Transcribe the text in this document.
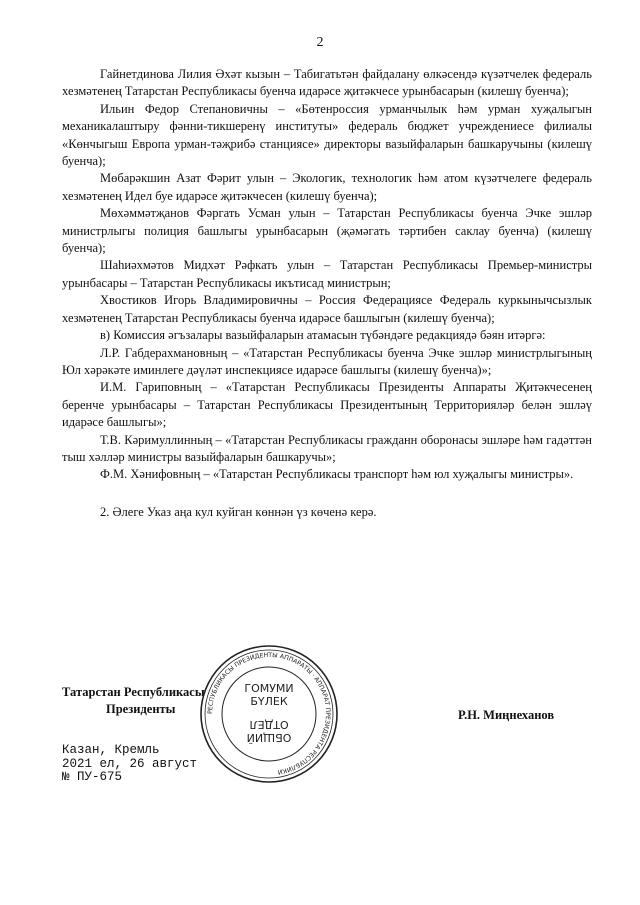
2

Гайнетдинова Лилия Әхәт кызын – Табигатьтән файдалану өлкәсендә күзәтчелек федераль хезмәтенең Татарстан Республикасы буенча идарәсе җитәкчесе урынбасарын (килешү буенча);

Ильин Федор Степановичны – «Бөтенроссия урманчылык һәм урман хуҗалыгын механикалаштыру фәнни-тикшеренү институты» федераль бюджет учреждениесе филиалы «Көнчыгыш Европа урман-тәҗрибә станциясе» директоры вазыйфаларын башкаручыны (килешү буенча);

Мөбарәкшин Азат Фәрит улын – Экологик, технологик һәм атом күзәтчелеге федераль хезмәтенең Идел буе идарәсе җитәкчесен (килешү буенча);

Мөхәммәтҗанов Фәргать Усман улын – Татарстан Республикасы буенча Эчке эшләр министрлыгы полиция башлыгы урынбасарын (җәмәгать тәртибен саклау буенча) (килешү буенча);

Шаһиәхмәтов Мидхәт Рәфкать улын – Татарстан Республикасы Премьер-министры урынбасары – Татарстан Республикасы икътисад министрын;

Хвостиков Игорь Владимировичны – Россия Федерациясе Федераль куркынычсызлык хезмәтенең Татарстан Республикасы буенча идарәсе башлыгын (килешү буенча);

в) Комиссия әгъзалары вазыйфаларын атамасын түбәндәге редакциядә бәян итәргә:

Л.Р. Габдерахмановның – «Татарстан Республикасы буенча Эчке эшләр министрлыгының Юл хәрәкәте иминлеге дәүләт инспекциясе идарәсе башлыгы (килешү буенча)»;

И.М. Гариповның – «Татарстан Республикасы Президенты Аппараты Җитәкчесенең беренче урынбасары – Татарстан Республикасы Президентының Территорияләр белән эшләү идарәсе башлыгы»;

Т.В. Кәримуллинның – «Татарстан Республикасы гражданн оборонасы эшләре һәм гадәттән тыш хәлләр министры вазыйфаларын башкаручы»;

Ф.М. Хәнифовның – «Татарстан Республикасы транспорт һәм юл хуҗалыгы министры».

2. Әлеге Указ аңа кул куйган көннән үз көченә керә.

Татарстан Республикасы
Президенты	РЕСПУБЛИКАСЫ ПРЕЗИДЕНТЫ АППАРАТЫ · АППАРАТ ПРЕЗИДЕНТА РЕСПУБЛИКИ
ГОМУМИ
БҮЛЕК
ОТДЕЛ
ОБЩИЙ
Р.Н. Миңнеханов
Казан, Кремль
2021 ел, 26 август
№ ПУ-675
